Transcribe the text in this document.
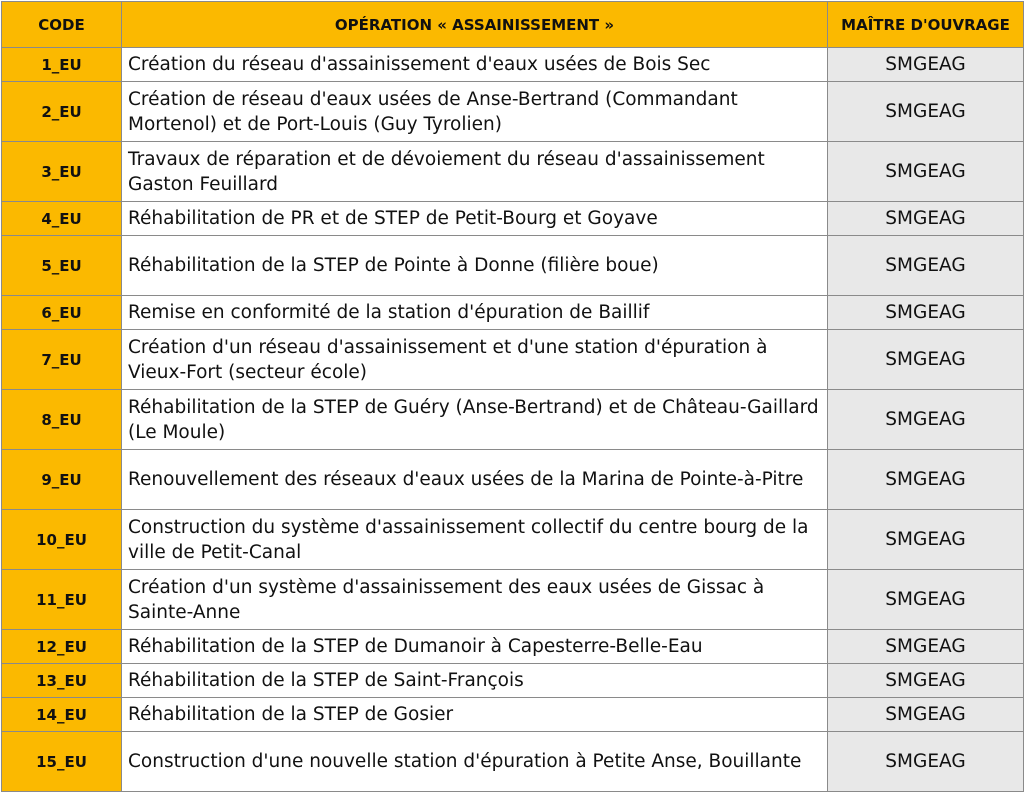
CODE	OPÉRATION « ASSAINISSEMENT »	MAÎTRE D'OUVRAGE
1_EU	Création du réseau d'assainissement d'eaux usées de Bois Sec	SMGEAG
2_EU	Création de réseau d'eaux usées de Anse-Bertrand (Commandant Mortenol) et de Port-Louis (Guy Tyrolien)	SMGEAG
3_EU	Travaux de réparation et de dévoiement du réseau d'assainissement Gaston Feuillard	SMGEAG
4_EU	Réhabilitation de PR et de STEP de Petit-Bourg et Goyave	SMGEAG
5_EU	Réhabilitation de la STEP de Pointe à Donne (filière boue)	SMGEAG
6_EU	Remise en conformité de la station d'épuration de Baillif	SMGEAG
7_EU	Création d'un réseau d'assainissement et d'une station d'épuration à Vieux-Fort (secteur école)	SMGEAG
8_EU	Réhabilitation de la STEP de Guéry (Anse-Bertrand) et de Château-Gaillard (Le Moule)	SMGEAG
9_EU	Renouvellement des réseaux d'eaux usées de la Marina de Pointe-à-Pitre	SMGEAG
10_EU	Construction du système d'assainissement collectif du centre bourg de la ville de Petit-Canal	SMGEAG
11_EU	Création d'un système d'assainissement des eaux usées de Gissac à Sainte-Anne	SMGEAG
12_EU	Réhabilitation de la STEP de Dumanoir à Capesterre-Belle-Eau	SMGEAG
13_EU	Réhabilitation de la STEP de Saint-François	SMGEAG
14_EU	Réhabilitation de la STEP de Gosier	SMGEAG
15_EU	Construction d'une nouvelle station d'épuration à Petite Anse, Bouillante	SMGEAG
